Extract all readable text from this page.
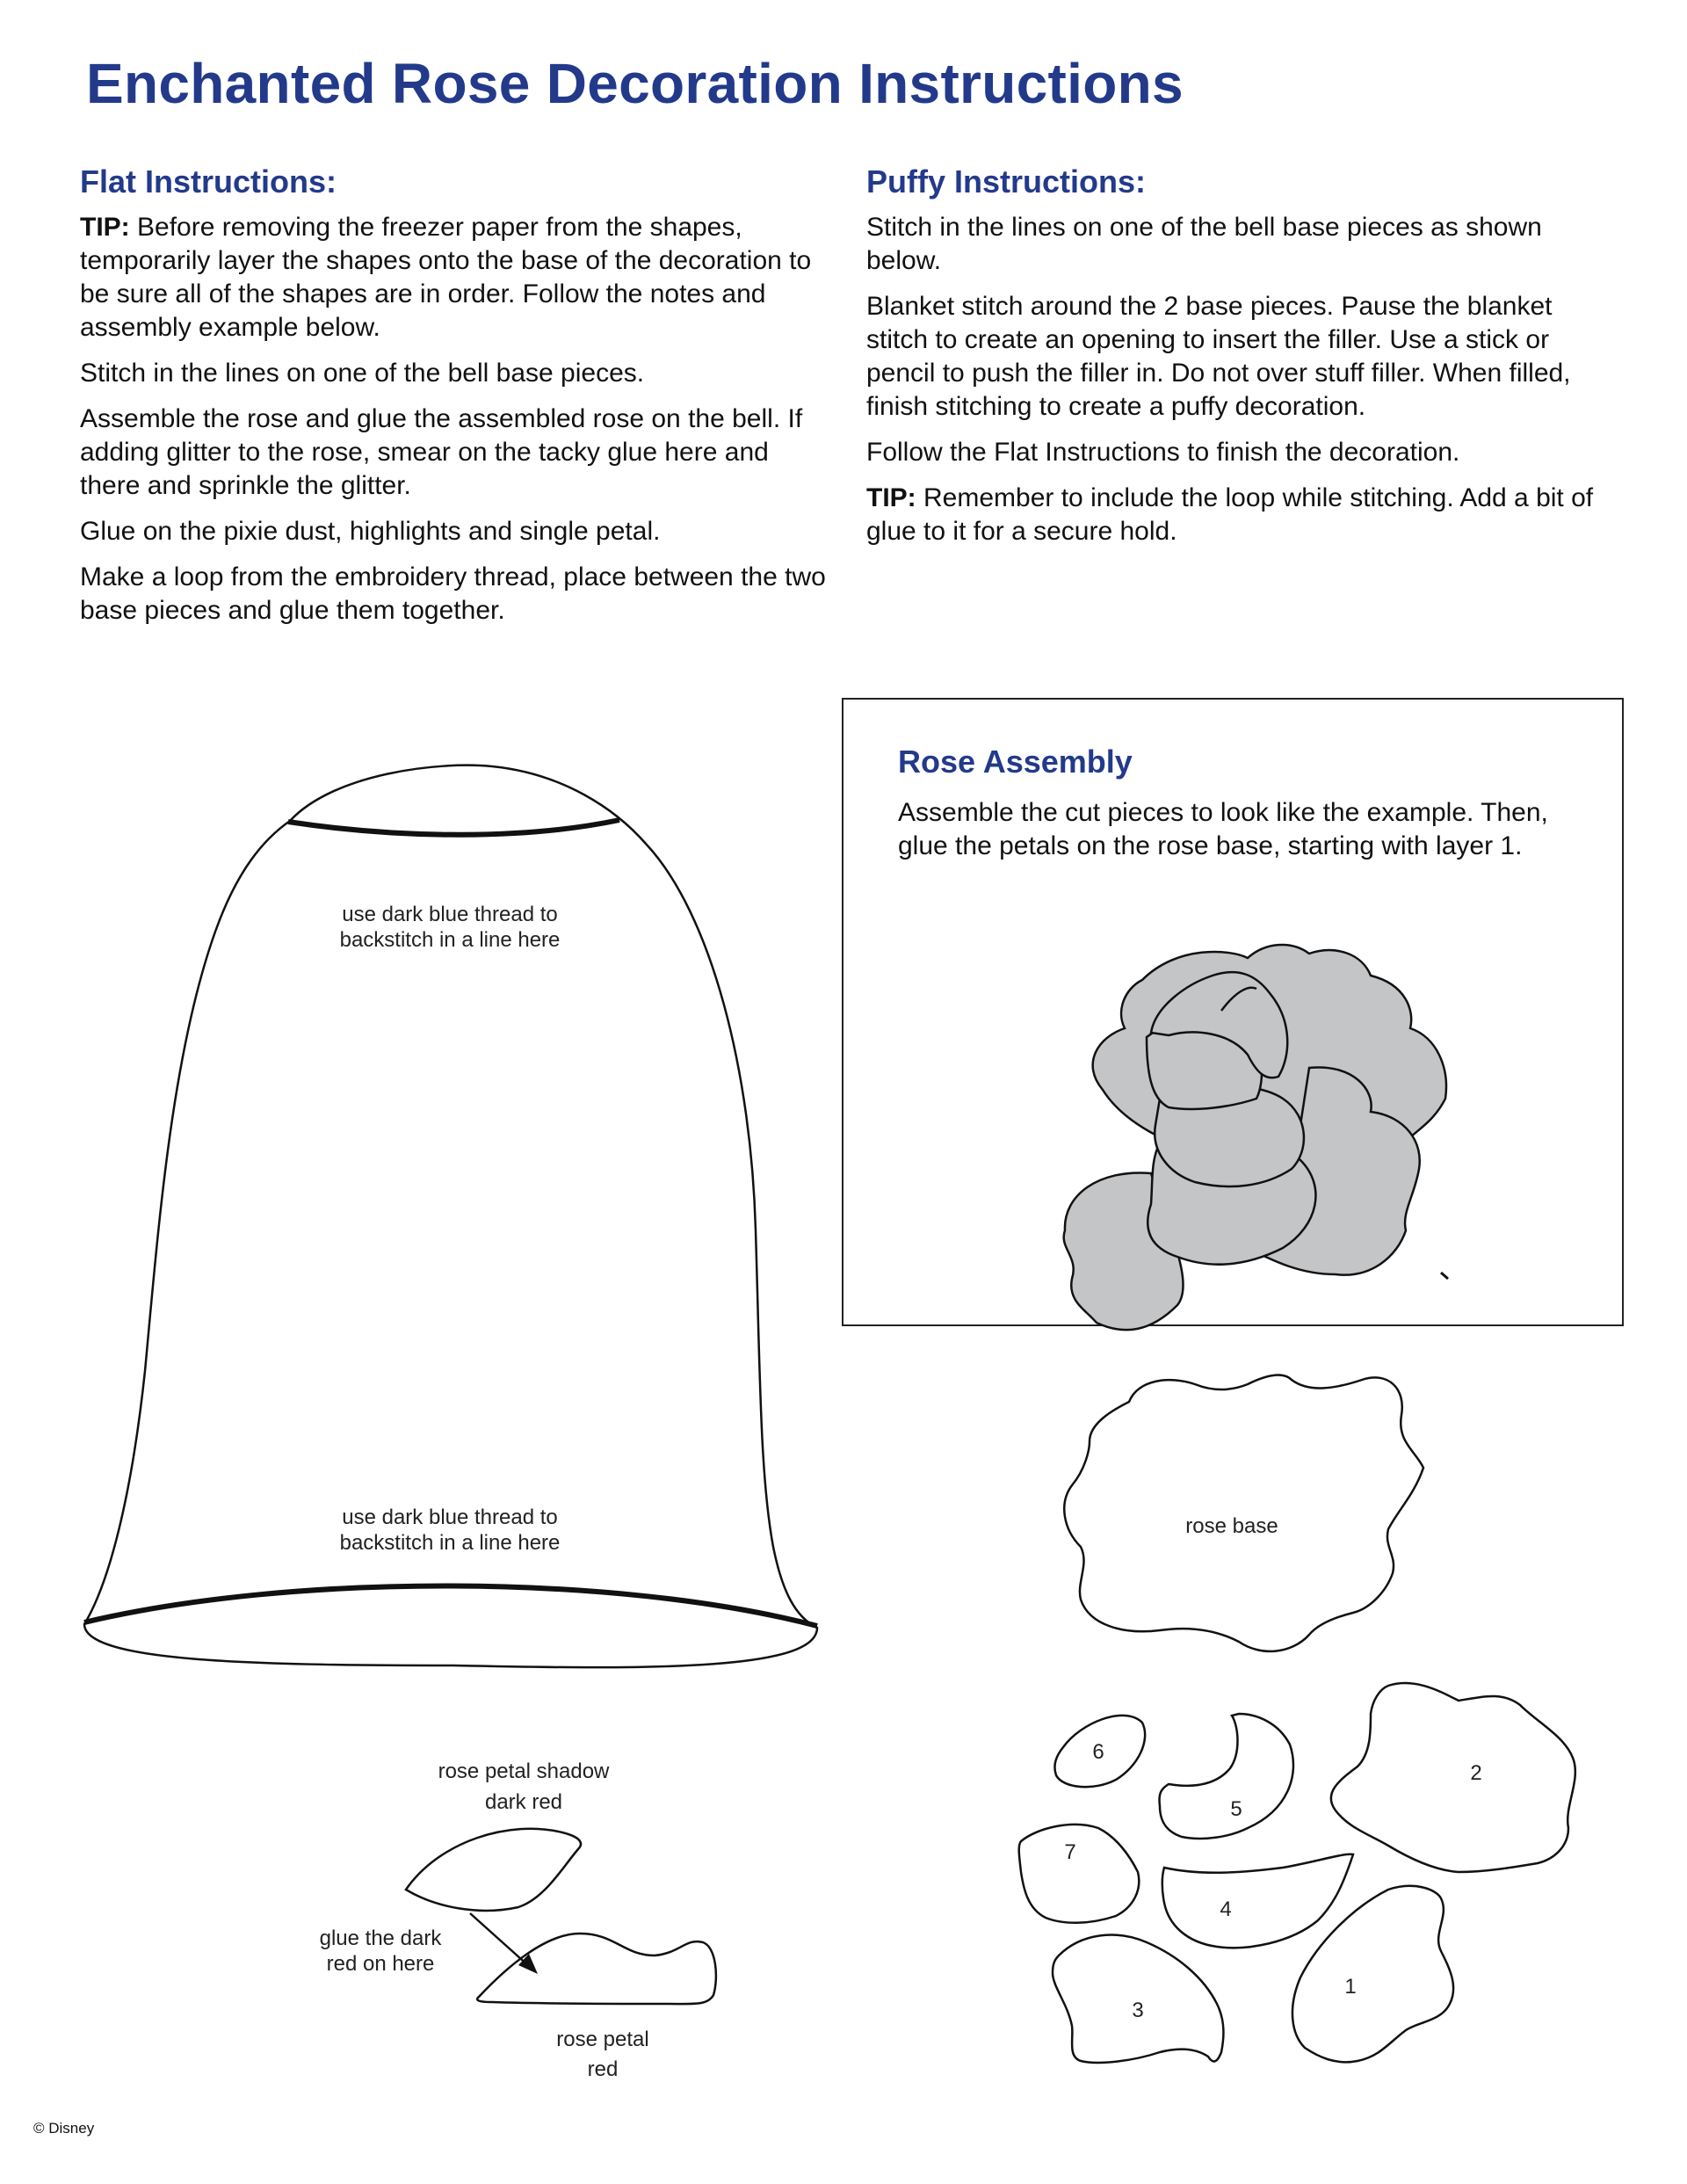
Enchanted Rose Decoration Instructions
Flat Instructions:

TIP: Before removing the freezer paper from the shapes, temporarily layer the shapes onto the base of the decoration to be sure all of the shapes are in order. Follow the notes and assembly example below.

Stitch in the lines on one of the bell base pieces.

Assemble the rose and glue the assembled rose on the bell. If adding glitter to the rose, smear on the tacky glue here and there and sprinkle the glitter.

Glue on the pixie dust, highlights and single petal.

Make a loop from the embroidery thread, place between the two base pieces and glue them together.

Puffy Instructions:

Stitch in the lines on one of the bell base pieces as shown below.

Blanket stitch around the 2 base pieces. Pause the blanket stitch to create an opening to insert the filler. Use a stick or pencil to push the filler in. Do not over stuff filler. When filled, finish stitching to create a puffy decoration.

Follow the Flat Instructions to finish the decoration.

TIP: Remember to include the loop while stitching. Add a bit of glue to it for a secure hold.

Rose Assembly

Assemble the cut pieces to look like the example. Then, glue the petals on the rose base, starting with layer 1.

use dark blue thread to
backstitch in a line here
use dark blue thread to
backstitch in a line here
rose petal shadow
dark red
glue the dark
red on here
rose petal
red
rose base
6
5
2
7
4
1
3

© Disney
